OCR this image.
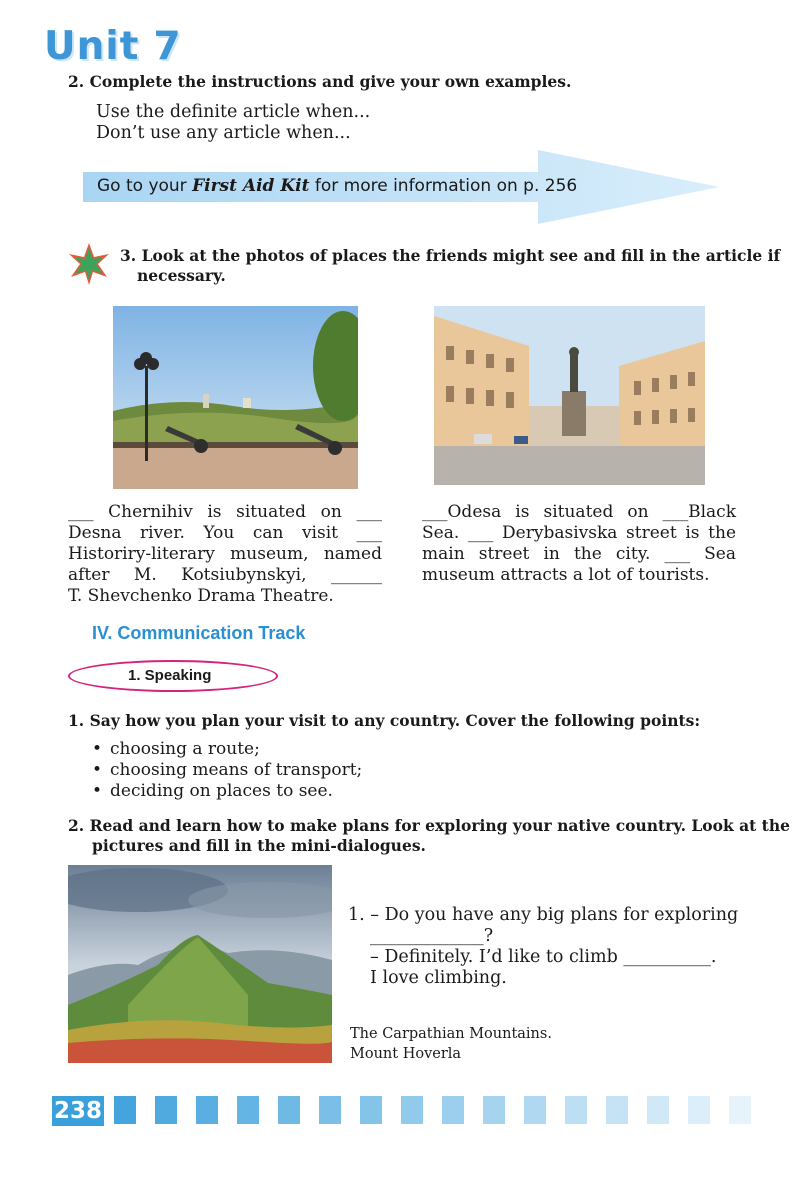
Unit 7
2. Complete the instructions and give your own examples.
Use the definite article when...
Don’t use any article when...
Go to your First Aid Kit for more information on p. 256
3. Look at the photos of places the friends might see and fill in the article if
necessary.
___ Chernihiv is situated on ___
Desna river. You can visit ___
Historiry-literary museum, named
after M. Kotsiubynskyi, ______
T. Shevchenko Drama Theatre.
___Odesa is situated on ___Black
Sea. ___ Derybasivska street is the
main street in the city. ___ Sea
museum attracts a lot of tourists.
IV. Communication Track
1. Speaking
1. Say how you plan your visit to any country. Cover the following points:
• choosing a route;
• choosing means of transport;
• deciding on places to see.
2. Read and learn how to make plans for exploring your native country. Look at the
pictures and fill in the mini-dialogues.
1. – Do you have any big plans for exploring
_____________?
– Definitely. I’d like to climb __________.
I love climbing.
The Carpathian Mountains.
Mount Hoverla
238
